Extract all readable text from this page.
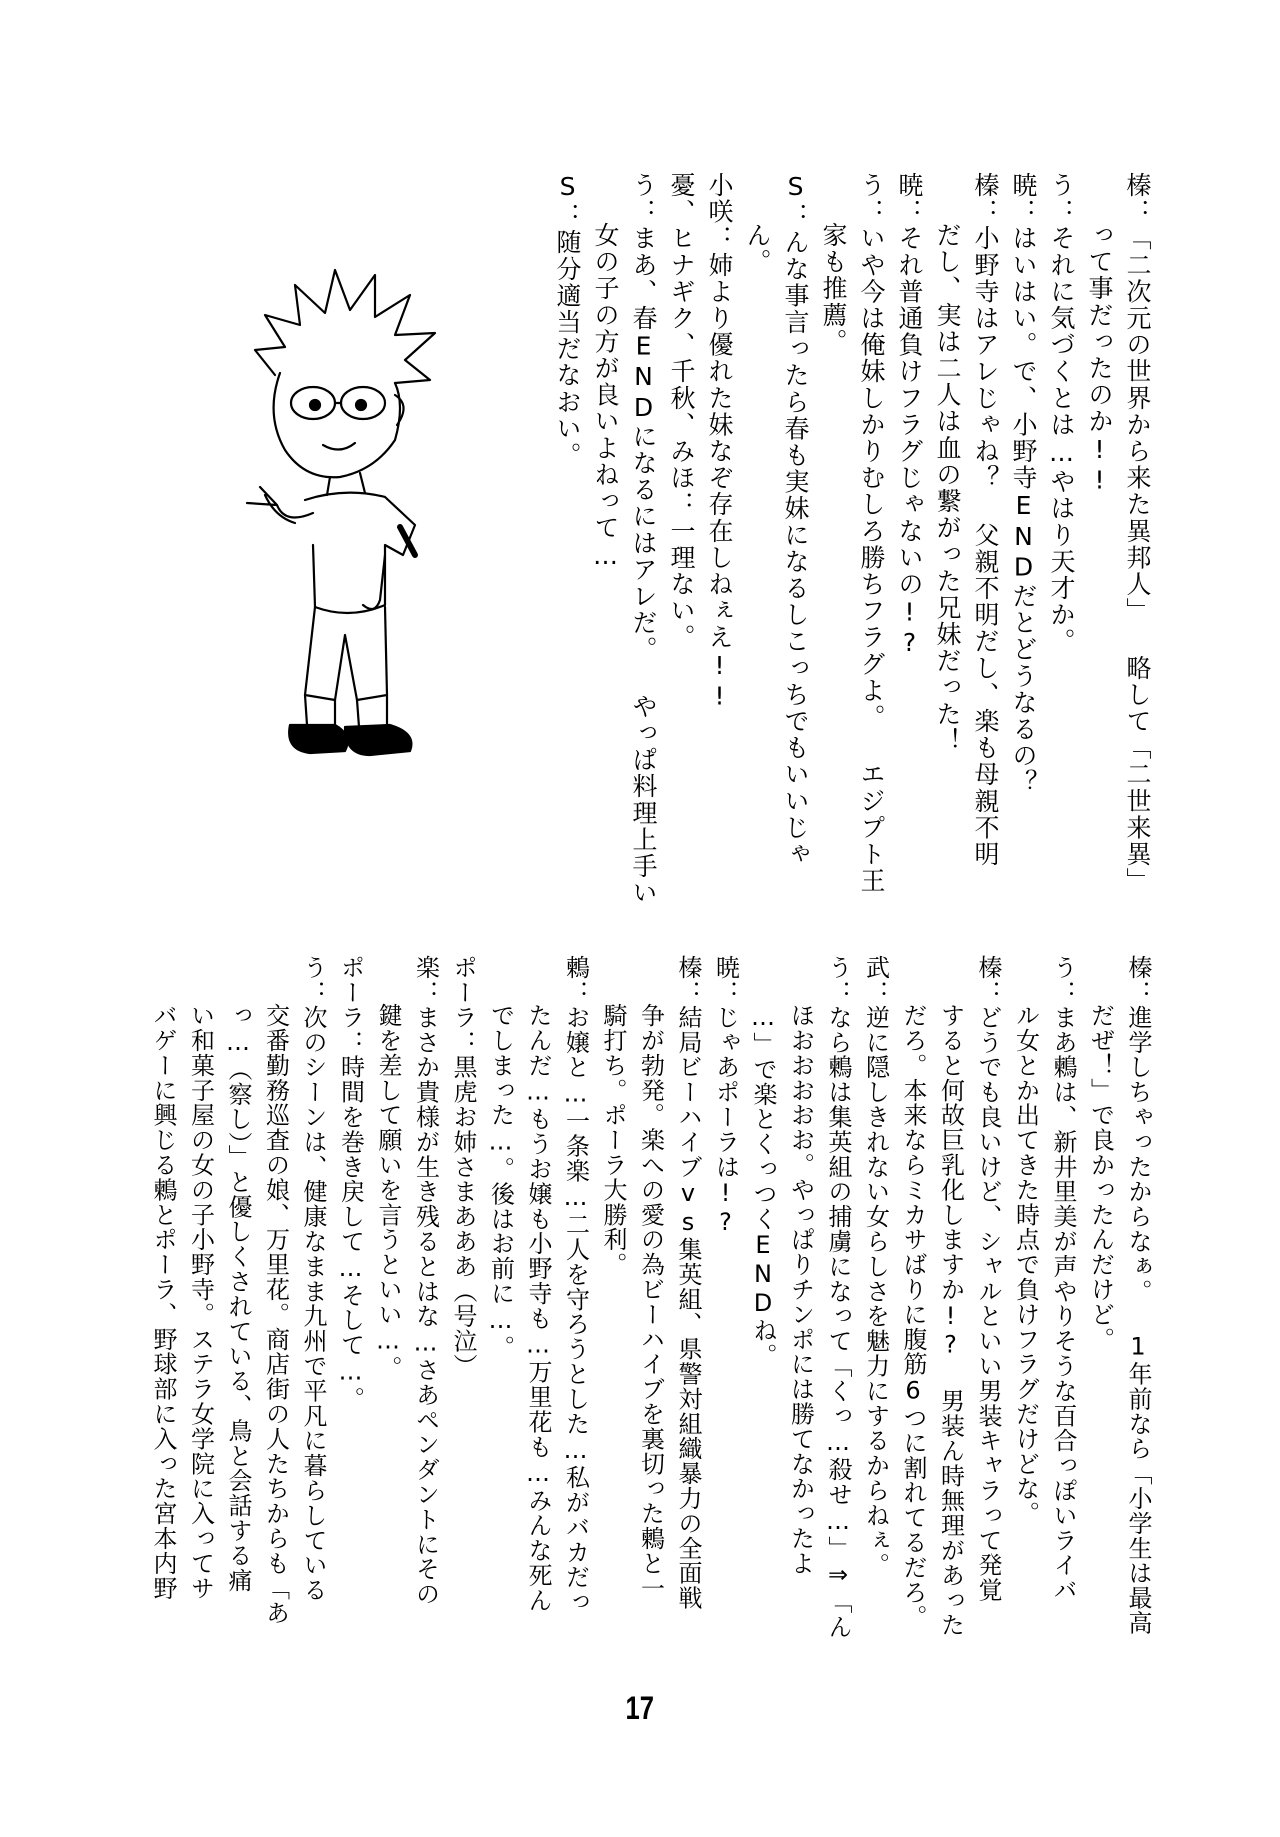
榛：「二次元の世界から来た異邦人」 略して「二世来異」
って事だったのか!!
う：それに気づくとは…やはり天才か。
暁：はいはい。で、小野寺ENDだとどうなるの？
榛：小野寺はアレじゃね？ 父親不明だし、楽も母親不明
だし、実は二人は血の繋がった兄妹だった！
暁：それ普通負けフラグじゃないの!?
う：いや今は俺妹しかりむしろ勝ちフラグよ。 エジプト王
家も推薦。
S：んな事言ったら春も実妹になるしこっちでもいいじゃ
ん。
小咲：姉より優れた妹なぞ存在しねぇえ!!
憂、ヒナギク、千秋、みほ：一理ない。
う：まあ、春ENDになるにはアレだ。 やっぱ料理上手い
女の子の方が良いよねって…
S：随分適当だなおい。
榛：進学しちゃったからなぁ。 1年前なら「小学生は最高
だぜ！」で良かったんだけど。
う：まあ鶫は、新井里美が声やりそうな百合っぽいライバ
ル女とか出てきた時点で負けフラグだけどな。
榛：どうでも良いけど、シャルといい男装キャラって発覚
すると何故巨乳化しますか!? 男装ん時無理があった
だろ。本来ならミカサばりに腹筋6つに割れてるだろ。
武：逆に隠しきれない女らしさを魅力にするからねぇ。
う：なら鶫は集英組の捕虜になって「くっ…殺せ…」⇒「ん
ほおおおおお。やっぱりチンポには勝てなかったよ
…」で楽とくっつくENDね。
暁：じゃあポーラは!?
榛：結局ビーハイブvs集英組、県警対組織暴力の全面戦
争が勃発。楽への愛の為ビーハイブを裏切った鶫と一
騎打ち。ポーラ大勝利。
鶫：お嬢と…一条楽…二人を守ろうとした…私がバカだっ
たんだ…もうお嬢も小野寺も…万里花も…みんな死ん
でしまった…。後はお前に…。
ポーラ：黒虎お姉さまあああ（号泣）
楽：まさか貴様が生き残るとはな…さあペンダントにその
鍵を差して願いを言うといい…。
ポーラ：時間を巻き戻して…そして…。
う：次のシーンは、健康なまま九州で平凡に暮らしている
交番勤務巡査の娘、万里花。商店街の人たちからも「あ
っ…（察し）」と優しくされている、鳥と会話する痛
い和菓子屋の女の子小野寺。ステラ女学院に入ってサ
バゲーに興じる鶫とポーラ、野球部に入った宮本内野
17
